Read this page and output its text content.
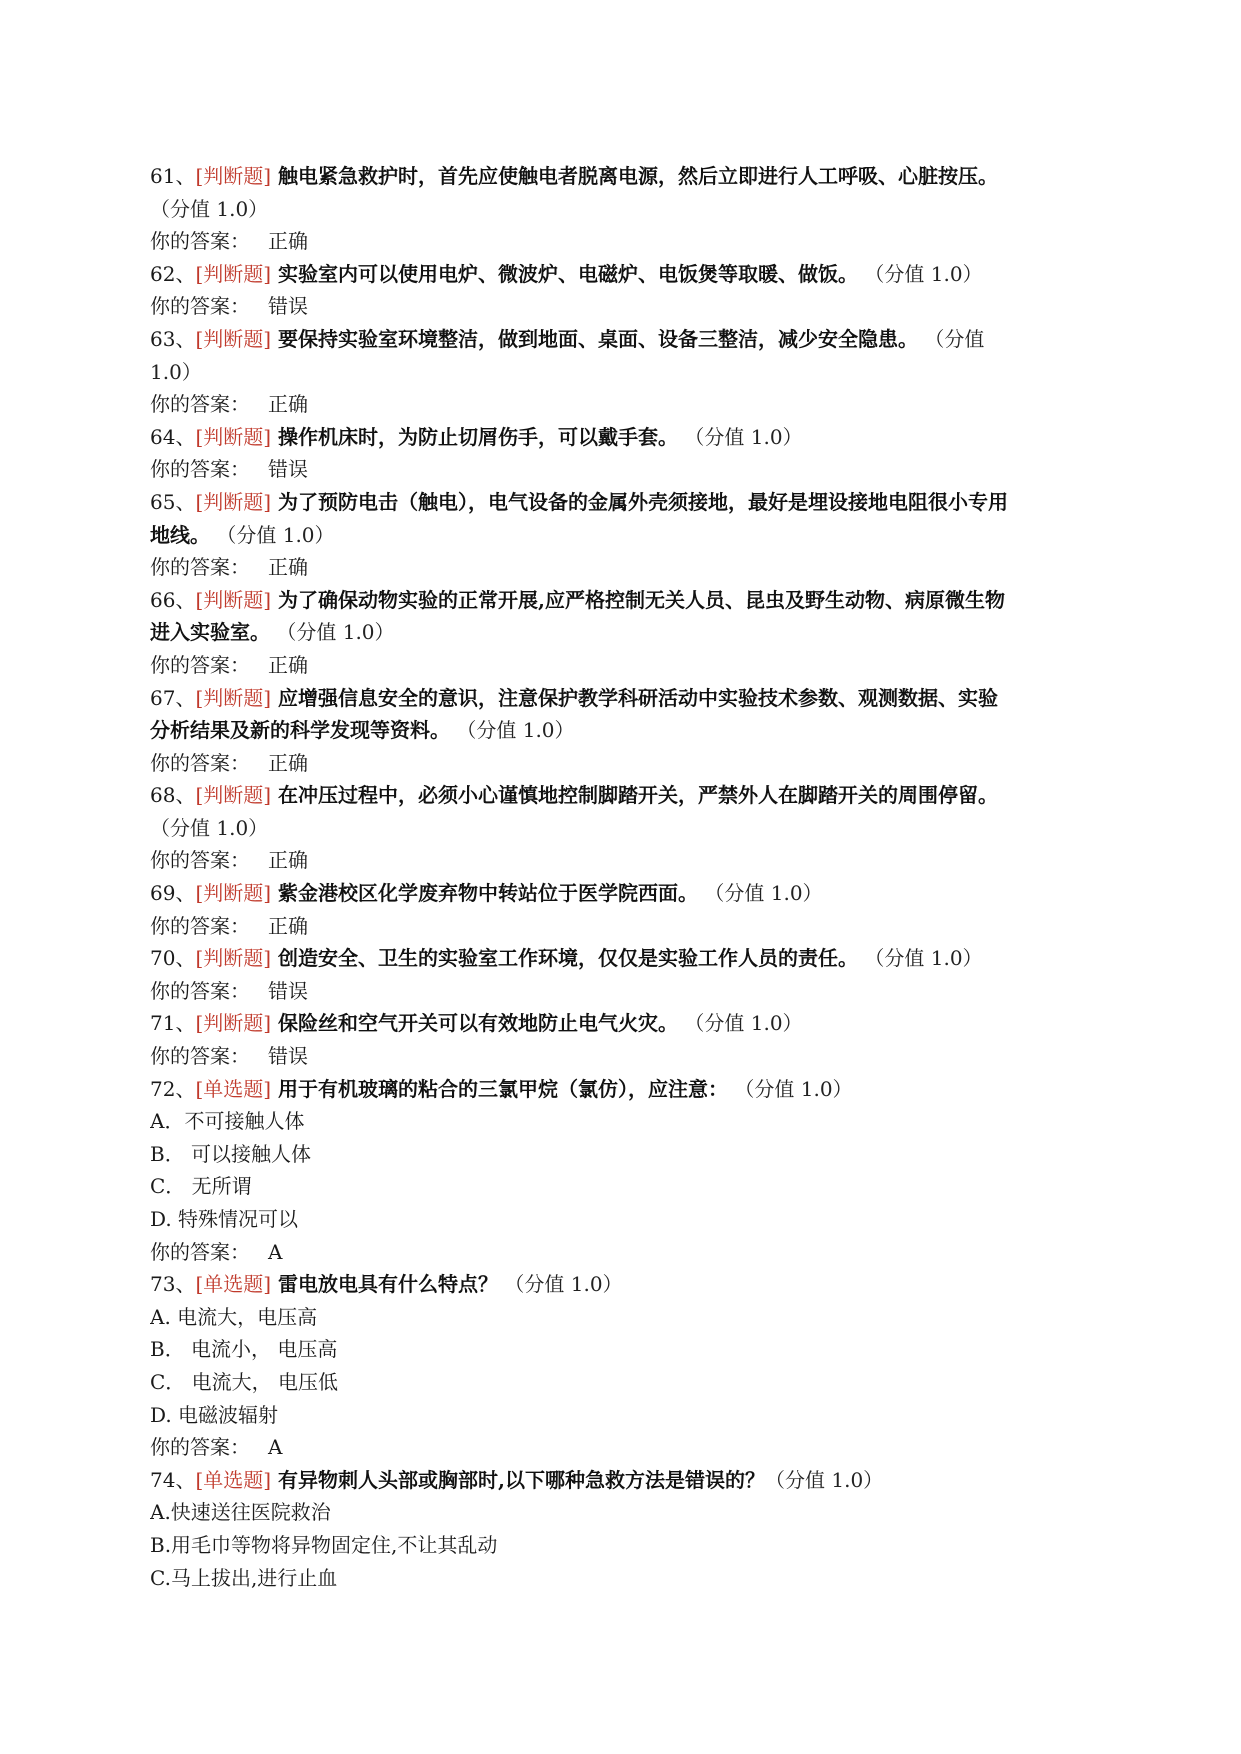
61、[判断题] 触电紧急救护时，首先应使触电者脱离电源，然后立即进行人工呼吸、心脏按压。
（分值 1.0）
你的答案： 正确
62、[判断题] 实验室内可以使用电炉、微波炉、电磁炉、电饭煲等取暖、做饭。 （分值 1.0）
你的答案： 错误
63、[判断题] 要保持实验室环境整洁，做到地面、桌面、设备三整洁，减少安全隐患。 （分值
1.0）
你的答案： 正确
64、[判断题] 操作机床时，为防止切屑伤手，可以戴手套。 （分值 1.0）
你的答案： 错误
65、[判断题] 为了预防电击（触电），电气设备的金属外壳须接地，最好是埋设接地电阻很小专用
地线。 （分值 1.0）
你的答案： 正确
66、[判断题] 为了确保动物实验的正常开展,应严格控制无关人员、昆虫及野生动物、病原微生物
进入实验室。 （分值 1.0）
你的答案： 正确
67、[判断题] 应增强信息安全的意识，注意保护教学科研活动中实验技术参数、观测数据、实验
分析结果及新的科学发现等资料。 （分值 1.0）
你的答案： 正确
68、[判断题] 在冲压过程中，必须小心谨慎地控制脚踏开关，严禁外人在脚踏开关的周围停留。
（分值 1.0）
你的答案： 正确
69、[判断题] 紫金港校区化学废弃物中转站位于医学院西面。 （分值 1.0）
你的答案： 正确
70、[判断题] 创造安全、卫生的实验室工作环境，仅仅是实验工作人员的责任。 （分值 1.0）
你的答案： 错误
71、[判断题] 保险丝和空气开关可以有效地防止电气火灾。 （分值 1.0）
你的答案： 错误
72、[单选题] 用于有机玻璃的粘合的三氯甲烷（氯仿），应注意： （分值 1.0）
A．不可接触人体
B． 可以接触人体
C． 无所谓
D. 特殊情况可以
你的答案： A
73、[单选题] 雷电放电具有什么特点？ （分值 1.0）
A. 电流大，电压高
B． 电流小， 电压高
C． 电流大， 电压低
D. 电磁波辐射
你的答案： A
74、[单选题] 有异物刺人头部或胸部时,以下哪种急救方法是错误的？（分值 1.0）
A.快速送往医院救治
B.用毛巾等物将异物固定住,不让其乱动
C.马上拔出,进行止血
